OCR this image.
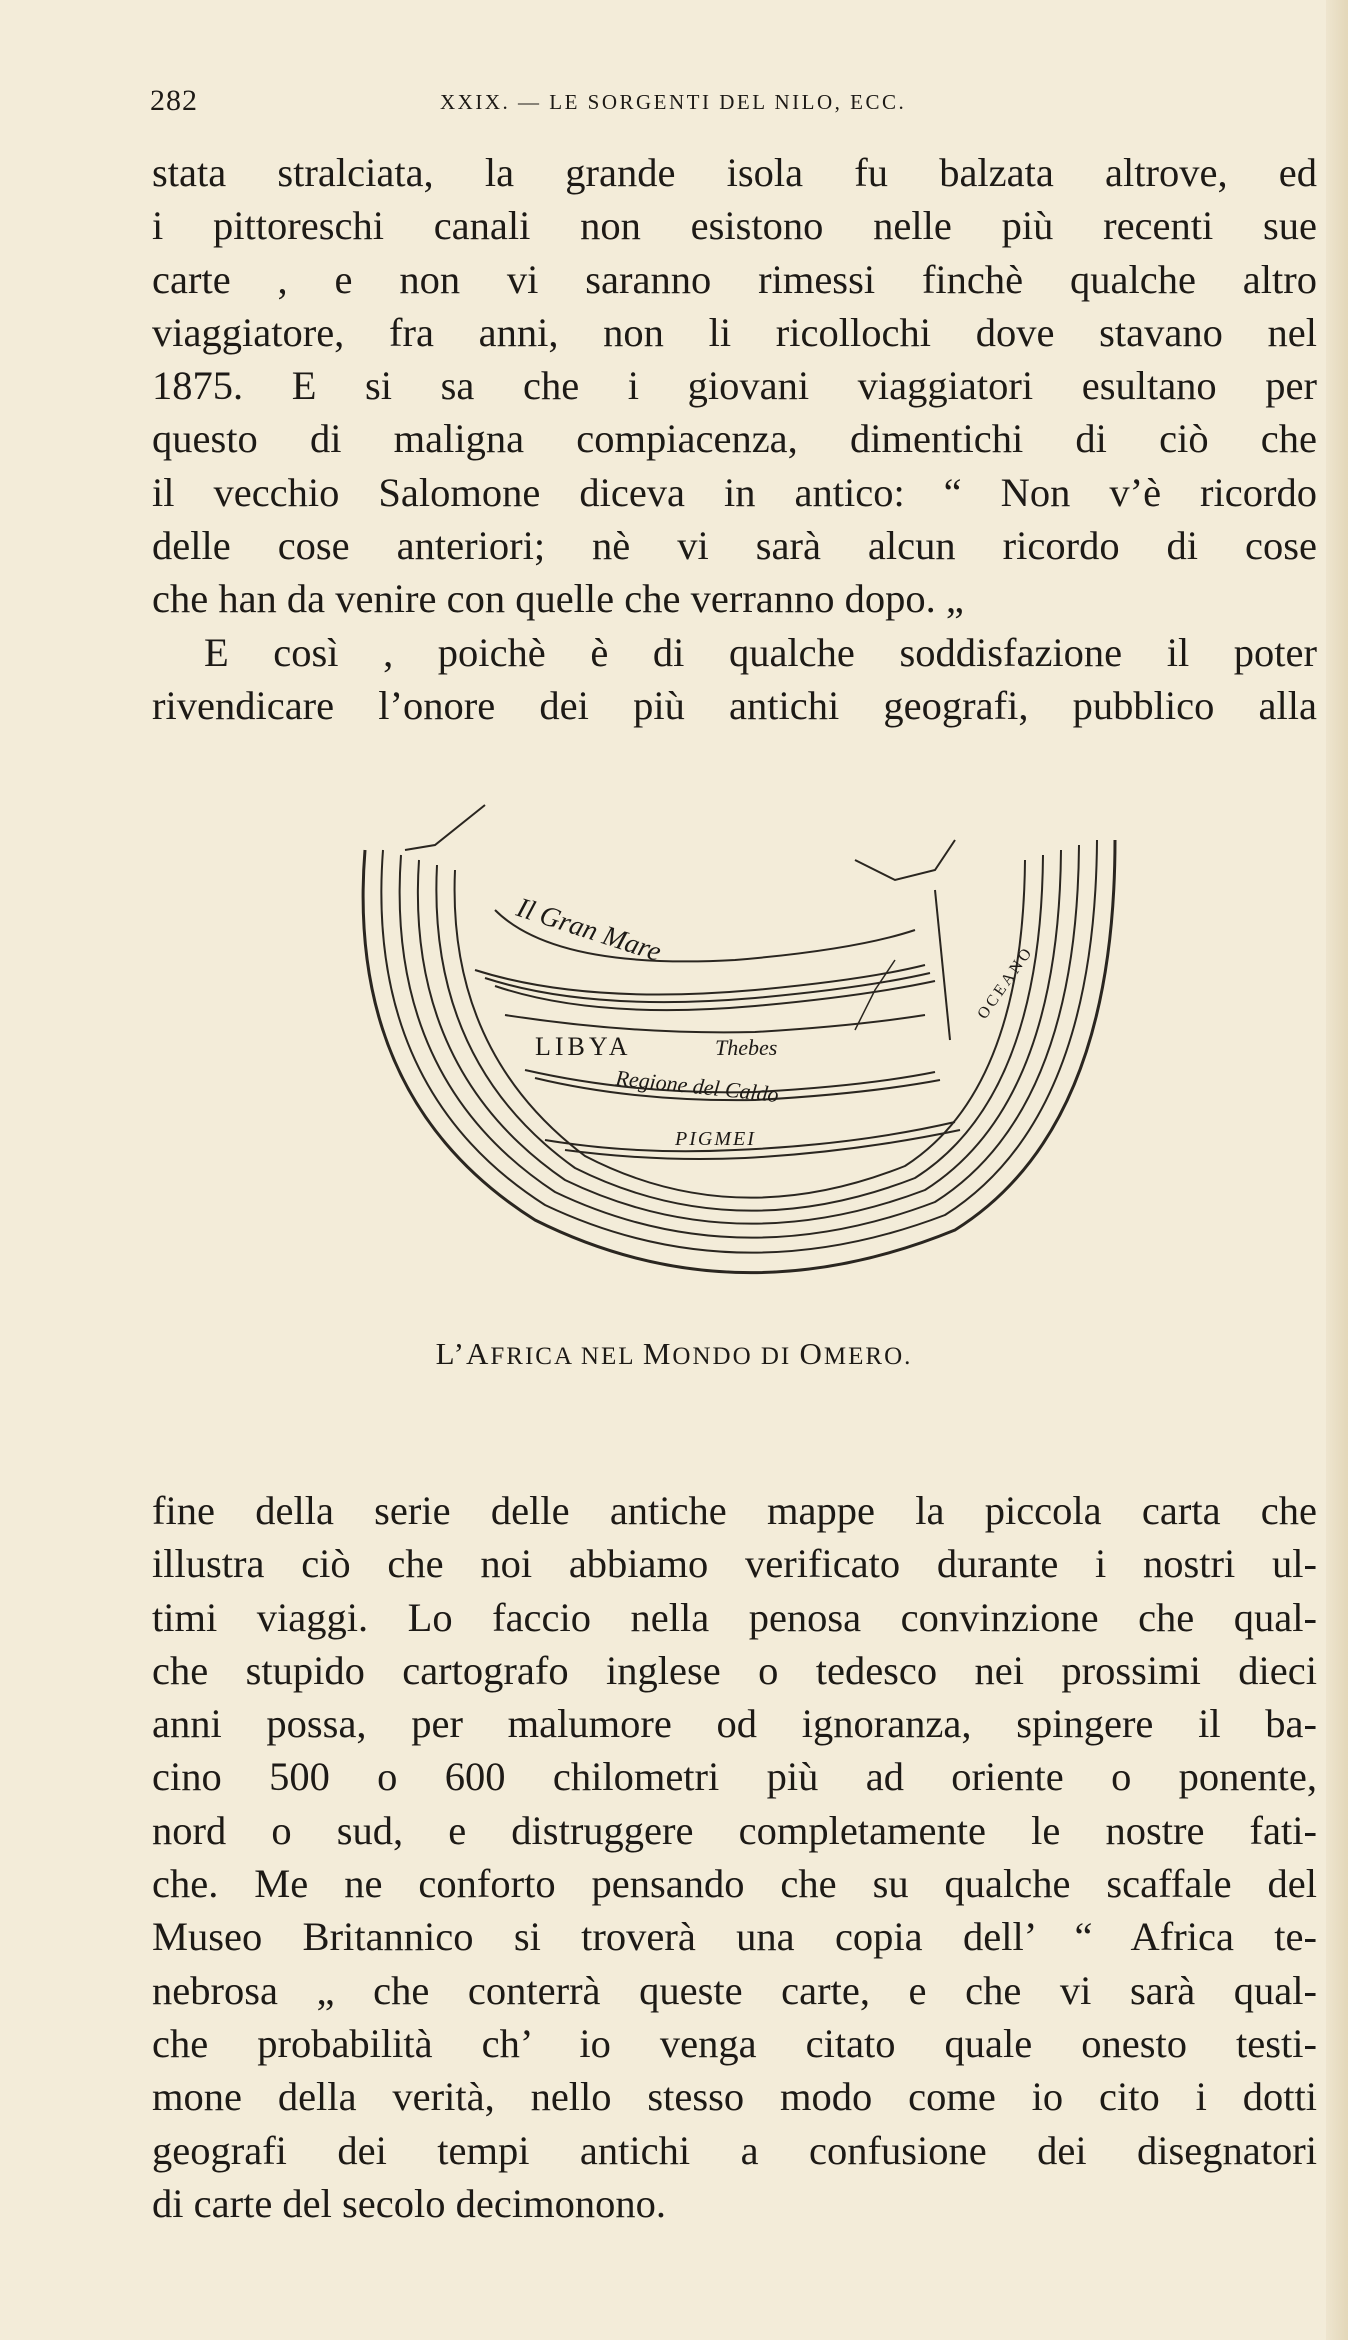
282	XXIX. — LE SORGENTI DEL NILO, ECC.
stata stralciata, la grande isola fu balzata altrove, ed
i pittoreschi canali non esistono nelle più recenti sue
carte , e non vi saranno rimessi finchè qualche altro
viaggiatore, fra anni, non li ricollochi dove stavano nel
1875. E si sa che i giovani viaggiatori esultano per
questo di maligna compiacenza, dimentichi di ciò che
il vecchio Salomone diceva in antico: “ Non v’è ricordo
delle cose anteriori; nè vi sarà alcun ricordo di cose
che han da venire con quelle che verranno dopo. „
E così , poichè è di qualche soddisfazione il poter
rivendicare l’onore dei più antichi geografi, pubblico alla
Il Gran Mare
LIBYA	Thebes
Regione del Caldo
PIGMEI
OCEANO
L’AFRICA NEL MONDO DI OMERO.
fine della serie delle antiche mappe la piccola carta che
illustra ciò che noi abbiamo verificato durante i nostri ul-
timi viaggi. Lo faccio nella penosa convinzione che qual-
che stupido cartografo inglese o tedesco nei prossimi dieci
anni possa, per malumore od ignoranza, spingere il ba-
cino 500 o 600 chilometri più ad oriente o ponente,
nord o sud, e distruggere completamente le nostre fati-
che. Me ne conforto pensando che su qualche scaffale del
Museo Britannico si troverà una copia dell’ “ Africa te-
nebrosa „ che conterrà queste carte, e che vi sarà qual-
che probabilità ch’ io venga citato quale onesto testi-
mone della verità, nello stesso modo come io cito i dotti
geografi dei tempi antichi a confusione dei disegnatori
di carte del secolo decimonono.
